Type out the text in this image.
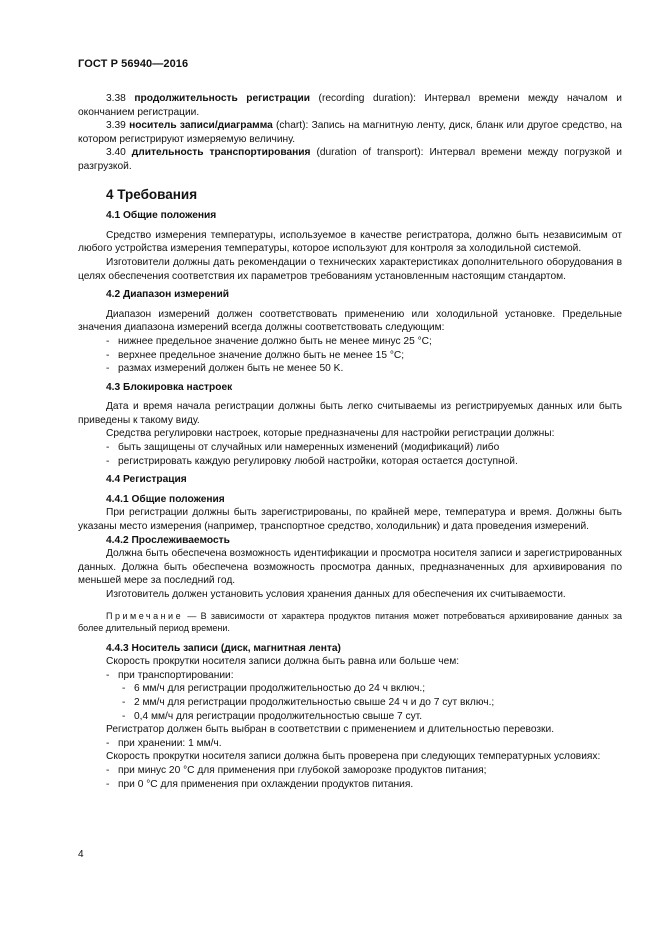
ГОСТ Р 56940—2016

3.38 продолжительность регистрации (recording duration): Интервал времени между началом и окончанием регистрации.

3.39 носитель записи/диаграмма (chart): Запись на магнитную ленту, диск, бланк или другое средство, на котором регистрируют измеряемую величину.

3.40 длительность транспортирования (duration of transport): Интервал времени между погрузкой и разгрузкой.

4 Требования
4.1 Общие положения

Средство измерения температуры, используемое в качестве регистратора, должно быть независимым от любого устройства измерения температуры, которое используют для контроля за холодильной системой.

Изготовители должны дать рекомендации о технических характеристиках дополнительного оборудования в целях обеспечения соответствия их параметров требованиям установленным настоящим стандартом.

4.2 Диапазон измерений

Диапазон измерений должен соответствовать применению или холодильной установке. Предельные значения диапазона измерений всегда должны соответствовать следующим:

- нижнее предельное значение должно быть не менее минус 25 °C;
- верхнее предельное значение должно быть не менее 15 °C;
- размах измерений должен быть не менее 50 K.
4.3 Блокировка настроек

Дата и время начала регистрации должны быть легко считываемы из регистрируемых данных или быть приведены к такому виду.

Средства регулировки настроек, которые предназначены для настройки регистрации должны:

- быть защищены от случайных или намеренных изменений (модификаций) либо
- регистрировать каждую регулировку любой настройки, которая остается доступной.
4.4 Регистрация
4.4.1 Общие положения

При регистрации должны быть зарегистрированы, по крайней мере, температура и время. Должны быть указаны место измерения (например, транспортное средство, холодильник) и дата проведения измерений.

4.4.2 Прослеживаемость

Должна быть обеспечена возможность идентификации и просмотра носителя записи и зарегистрированных данных. Должна быть обеспечена возможность просмотра данных, предназначенных для архивирования по меньшей мере за последний год.

Изготовитель должен установить условия хранения данных для обеспечения их считываемости.

Примечание — В зависимости от характера продуктов питания может потребоваться архивирование данных за более длительный период времени.

4.4.3 Носитель записи (диск, магнитная лента)

Скорость прокрутки носителя записи должна быть равна или больше чем:

- при транспортировании:
- 6 мм/ч для регистрации продолжительностью до 24 ч включ.;
- 2 мм/ч для регистрации продолжительностью свыше 24 ч и до 7 сут включ.;
- 0,4 мм/ч для регистрации продолжительностью свыше 7 сут.

Регистратор должен быть выбран в соответствии с применением и длительностью перевозки.

- при хранении: 1 мм/ч.

Скорость прокрутки носителя записи должна быть проверена при следующих температурных условиях:

- при минус 20 °C для применения при глубокой заморозке продуктов питания;
- при 0 °C для применения при охлаждении продуктов питания.
4
